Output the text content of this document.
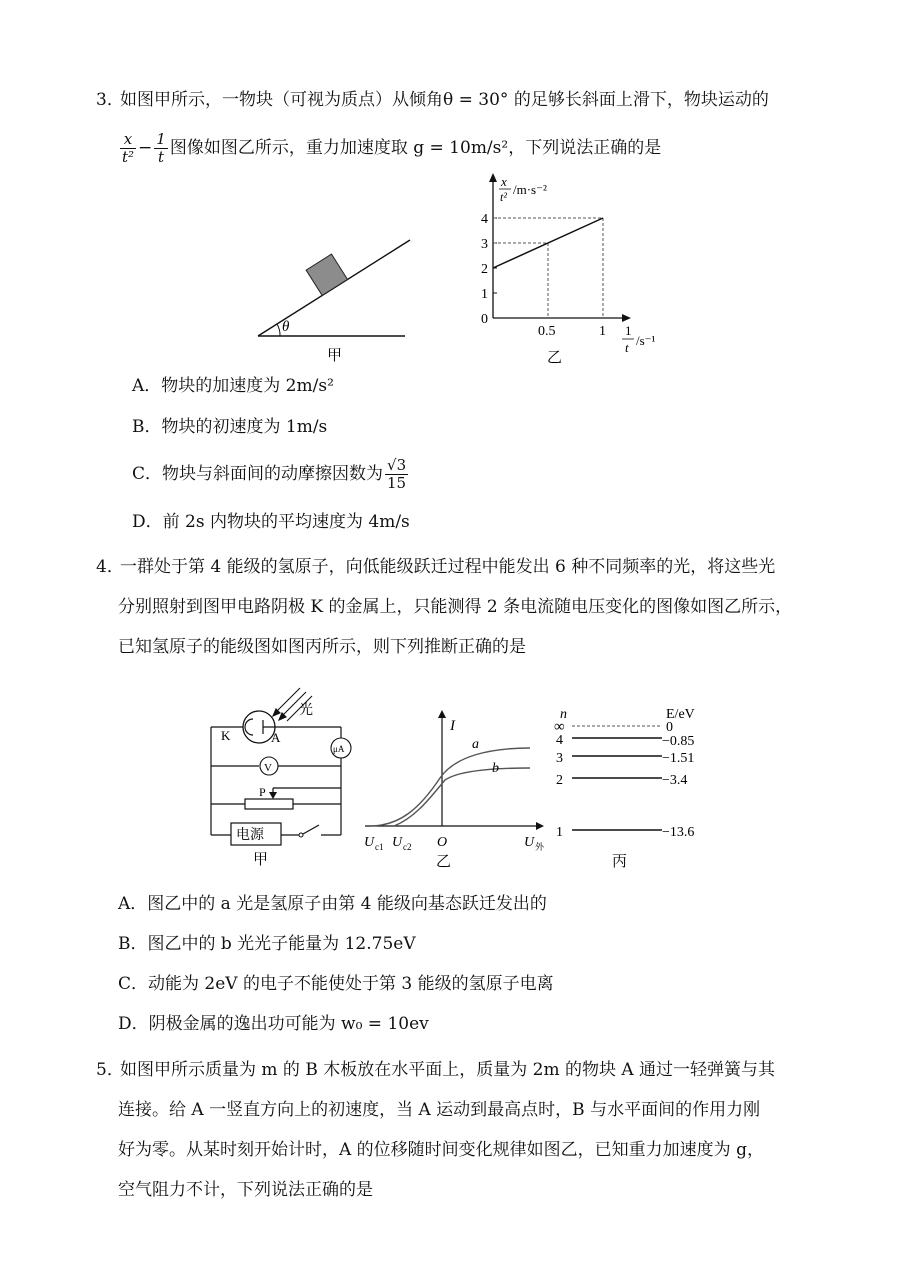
3．如图甲所示，一物块（可视为质点）从倾角θ = 30° 的足够长斜面上滑下，物块运动的
$\frac{x}{\text{t²}} - \frac{1}{t}$ 图像如图乙所示，重力加速度取 g = 10m/s²，下列说法正确的是
θ
甲
x
t² /m·s⁻²
1
t /s⁻¹
0
1
2
3
4
0.5	1
乙
A．物块的加速度为 2m/s²
B．物块的初速度为 1m/s
C．物块与斜面间的动摩擦因数为 $\frac{√3}{15}$
D．前 2s 内物块的平均速度为 4m/s
4．一群处于第 4 能级的氢原子，向低能级跃迁过程中能发出 6 种不同频率的光，将这些光
分别照射到图甲电路阴极 K 的金属上，只能测得 2 条电流随电压变化的图像如图乙所示，
已知氢原子的能级图如图丙所示，则下列推断正确的是
光
K	A
μA
V
P
电源
甲
I
a
b
U c1 U c2 O	U 外
乙
n	E/eV
∞	0
4	−0.85
3	−1.51
2	−3.4
1	−13.6
丙
A．图乙中的 a 光是氢原子由第 4 能级向基态跃迁发出的
B．图乙中的 b 光光子能量为 12.75eV
C．动能为 2eV 的电子不能使处于第 3 能级的氢原子电离
D．阴极金属的逸出功可能为 w₀ = 10ev
5．如图甲所示质量为 m 的 B 木板放在水平面上，质量为 2m 的物块 A 通过一轻弹簧与其
连接。给 A 一竖直方向上的初速度，当 A 运动到最高点时，B 与水平面间的作用力刚
好为零。从某时刻开始计时，A 的位移随时间变化规律如图乙，已知重力加速度为 g，
空气阻力不计，下列说法正确的是
